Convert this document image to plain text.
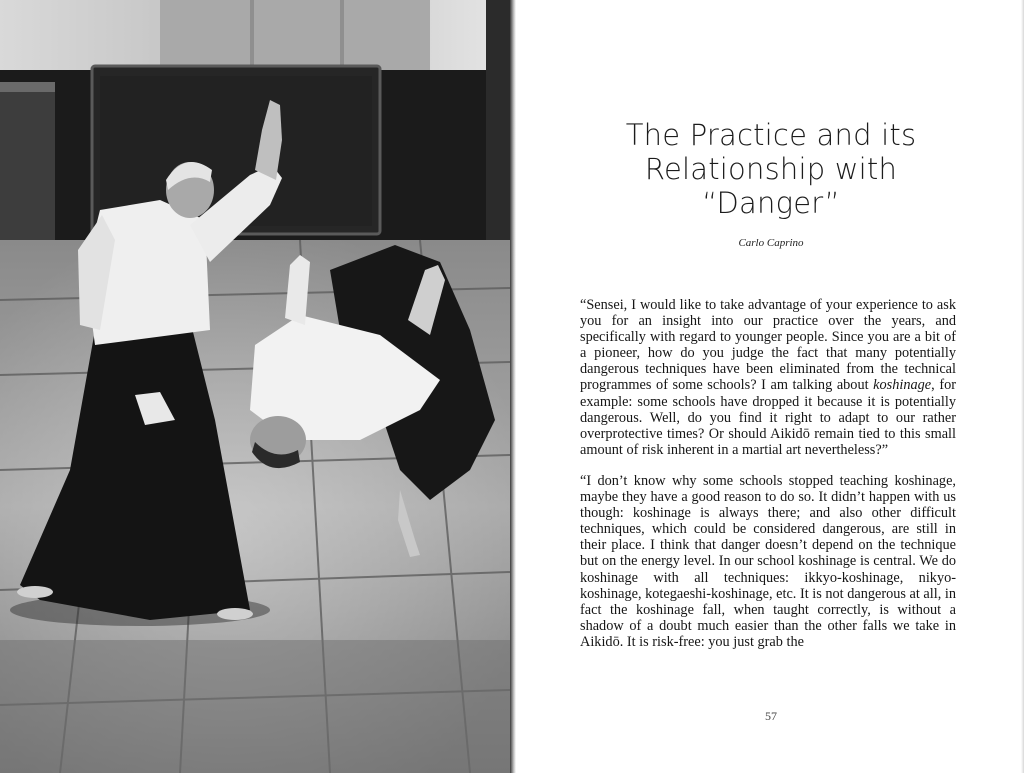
The Practice and its
Relationship with
“Danger”
Carlo Caprino

“Sensei, I would like to take advantage of your experience to ask you for an insight into our practice over the years, and specifically with regard to younger people. Since you are a bit of a pioneer, how do you judge the fact that many potentially dangerous techniques have been eliminated from the technical programmes of some schools? I am talking about koshinage, for example: some schools have dropped it because it is potentially dangerous. Well, do you find it right to adapt to our rather overprotective times? Or should Aikidō remain tied to this small amount of risk inherent in a martial art nevertheless?”

“I don’t know why some schools stopped teaching koshinage, maybe they have a good reason to do so. It didn’t happen with us though: koshinage is always there; and also other difficult techniques, which could be considered dangerous, are still in their place. I think that danger doesn’t depend on the technique but on the energy level. In our school koshinage is central. We do koshinage with all techniques: ikkyo-koshinage, nikyo-koshinage, kotegaeshi-koshinage, etc. It is not dangerous at all, in fact the koshinage fall, when taught correctly, is without a shadow of a doubt much easier than the other falls we take in Aikidō. It is risk-free: you just grab the

57
